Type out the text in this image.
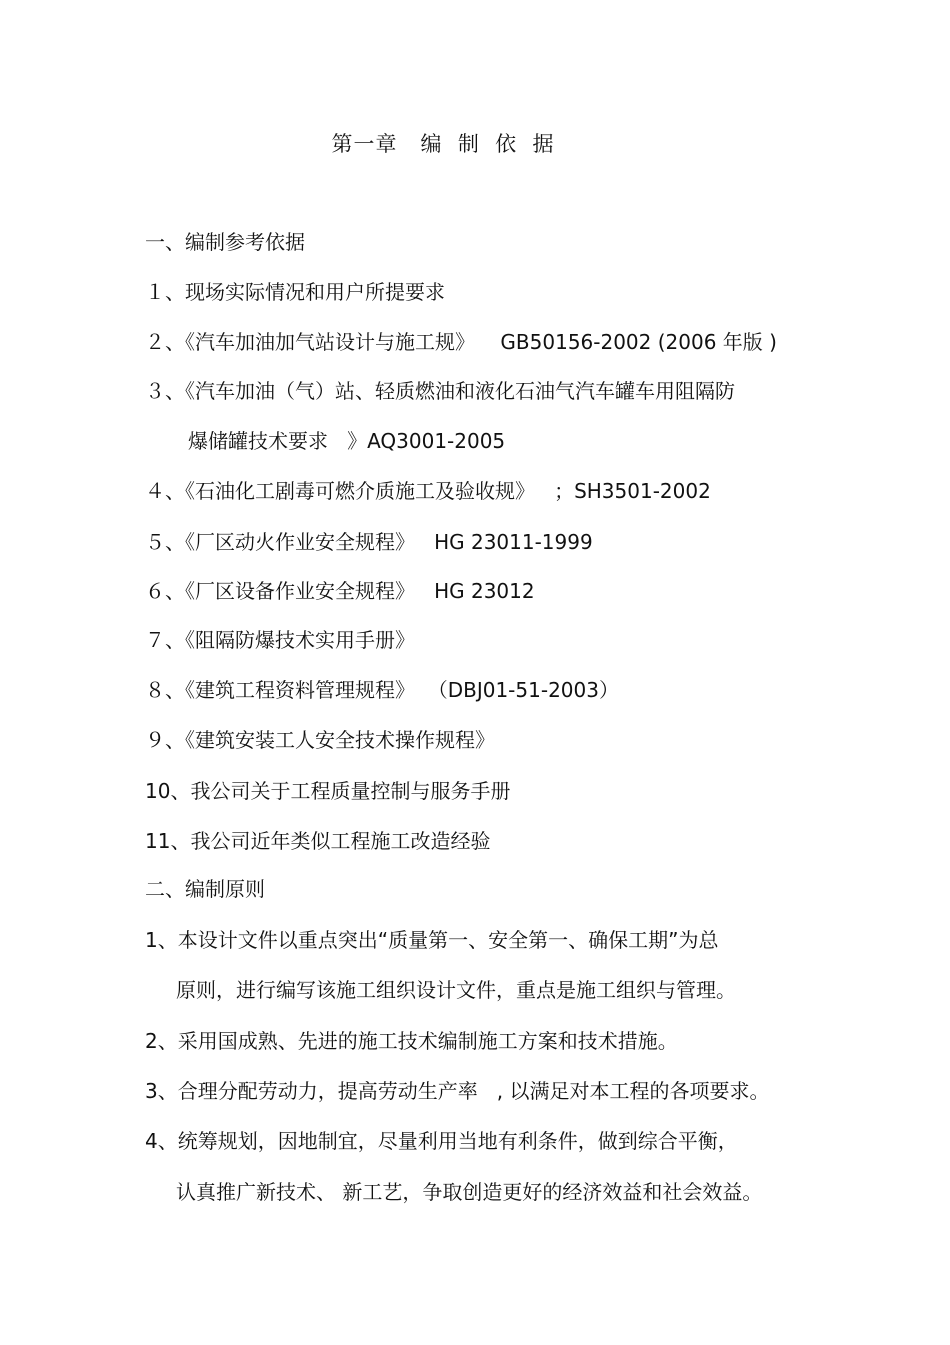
第一章   编  制  依  据
一、编制参考依据
１、现场实际情况和用户所提要求
２、《汽车加油加气站设计与施工规》    GB50156-2002 (2006 年版 )
３、《汽车加油（气）站、轻质燃油和液化石油气汽车罐车用阻隔防
爆储罐技术要求   》AQ3001-2005
４、《石油化工剧毒可燃介质施工及验收规》   ；SH3501-2002
５、《厂区动火作业安全规程》   HG 23011-1999
６、《厂区设备作业安全规程》   HG 23012
７、《阻隔防爆技术实用手册》
８、《建筑工程资料管理规程》  （DBJ01-51-2003）
９、《建筑安装工人安全技术操作规程》
10、我公司关于工程质量控制与服务手册
11、我公司近年类似工程施工改造经验
二、编制原则
1、本设计文件以重点突出“质量第一、安全第一、确保工期”为总
原则，进行编写该施工组织设计文件，重点是施工组织与管理。
2、采用国成熟、先进的施工技术编制施工方案和技术措施。
3、合理分配劳动力，提高劳动生产率   , 以满足对本工程的各项要求。
4、统筹规划，因地制宜，尽量利用当地有利条件，做到综合平衡，
认真推广新技术、 新工艺，争取创造更好的经济效益和社会效益。
